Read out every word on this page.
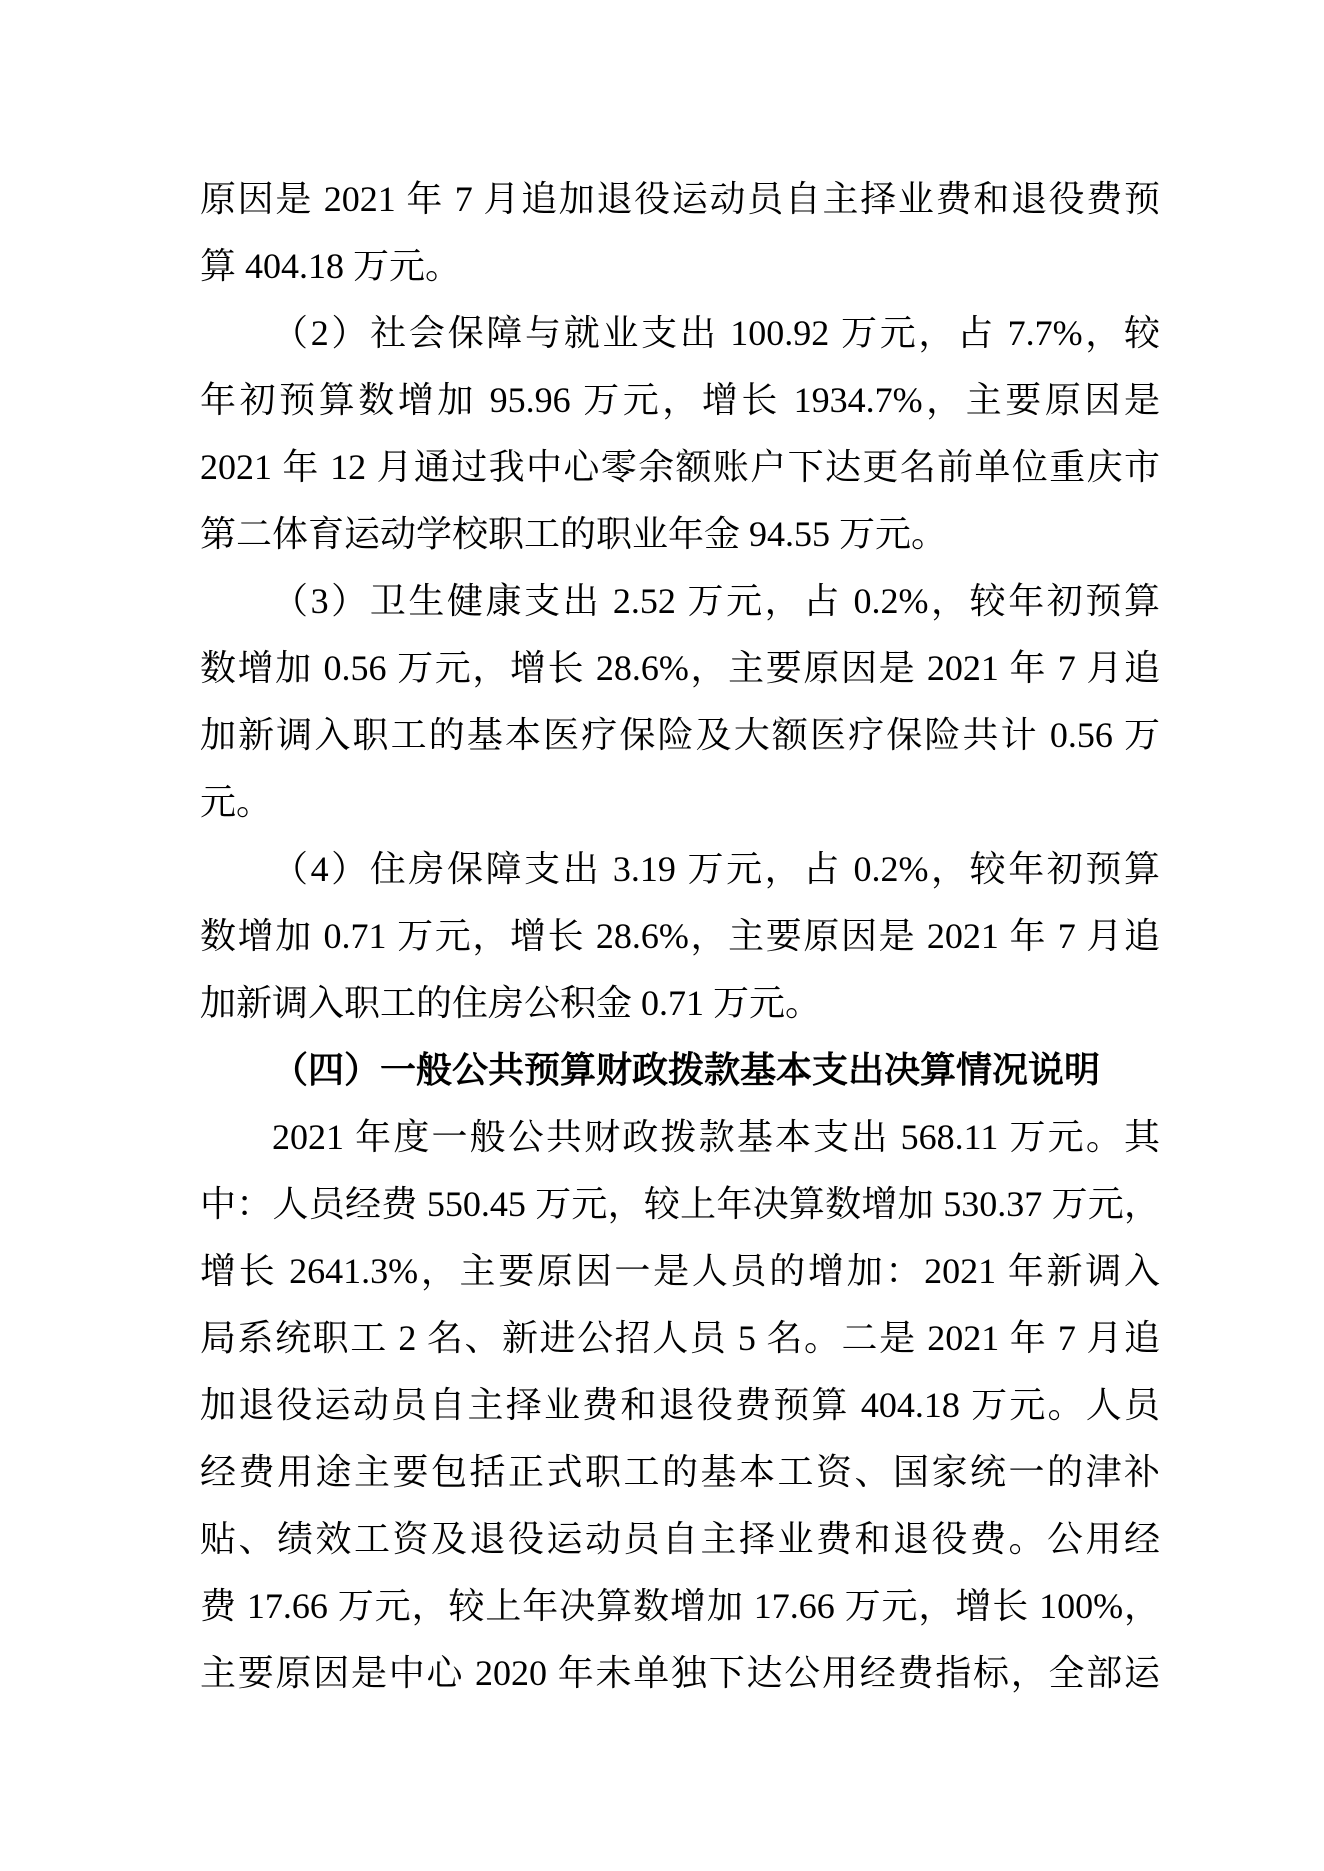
原因是 2021 年 7 月追加退役运动员自主择业费和退役费预
算 404.18 万元。
（2）社会保障与就业支出 100.92 万元，占 7.7%，较
年初预算数增加 95.96 万元，增长 1934.7%，主要原因是
2021 年 12 月通过我中心零余额账户下达更名前单位重庆市
第二体育运动学校职工的职业年金 94.55 万元。
（3）卫生健康支出 2.52 万元，占 0.2%，较年初预算
数增加 0.56 万元，增长 28.6%，主要原因是 2021 年 7 月追
加新调入职工的基本医疗保险及大额医疗保险共计 0.56 万
元。
（4）住房保障支出 3.19 万元，占 0.2%，较年初预算
数增加 0.71 万元，增长 28.6%，主要原因是 2021 年 7 月追
加新调入职工的住房公积金 0.71 万元。
（四）一般公共预算财政拨款基本支出决算情况说明
2021 年度一般公共财政拨款基本支出 568.11 万元。其
中：人员经费 550.45 万元，较上年决算数增加 530.37 万元，
增长 2641.3%，主要原因一是人员的增加：2021 年新调入
局系统职工 2 名、新进公招人员 5 名。二是 2021 年 7 月追
加退役运动员自主择业费和退役费预算 404.18 万元。人员
经费用途主要包括正式职工的基本工资、国家统一的津补
贴、绩效工资及退役运动员自主择业费和退役费。公用经
费 17.66 万元，较上年决算数增加 17.66 万元，增长 100%，
主要原因是中心 2020 年未单独下达公用经费指标，全部运
